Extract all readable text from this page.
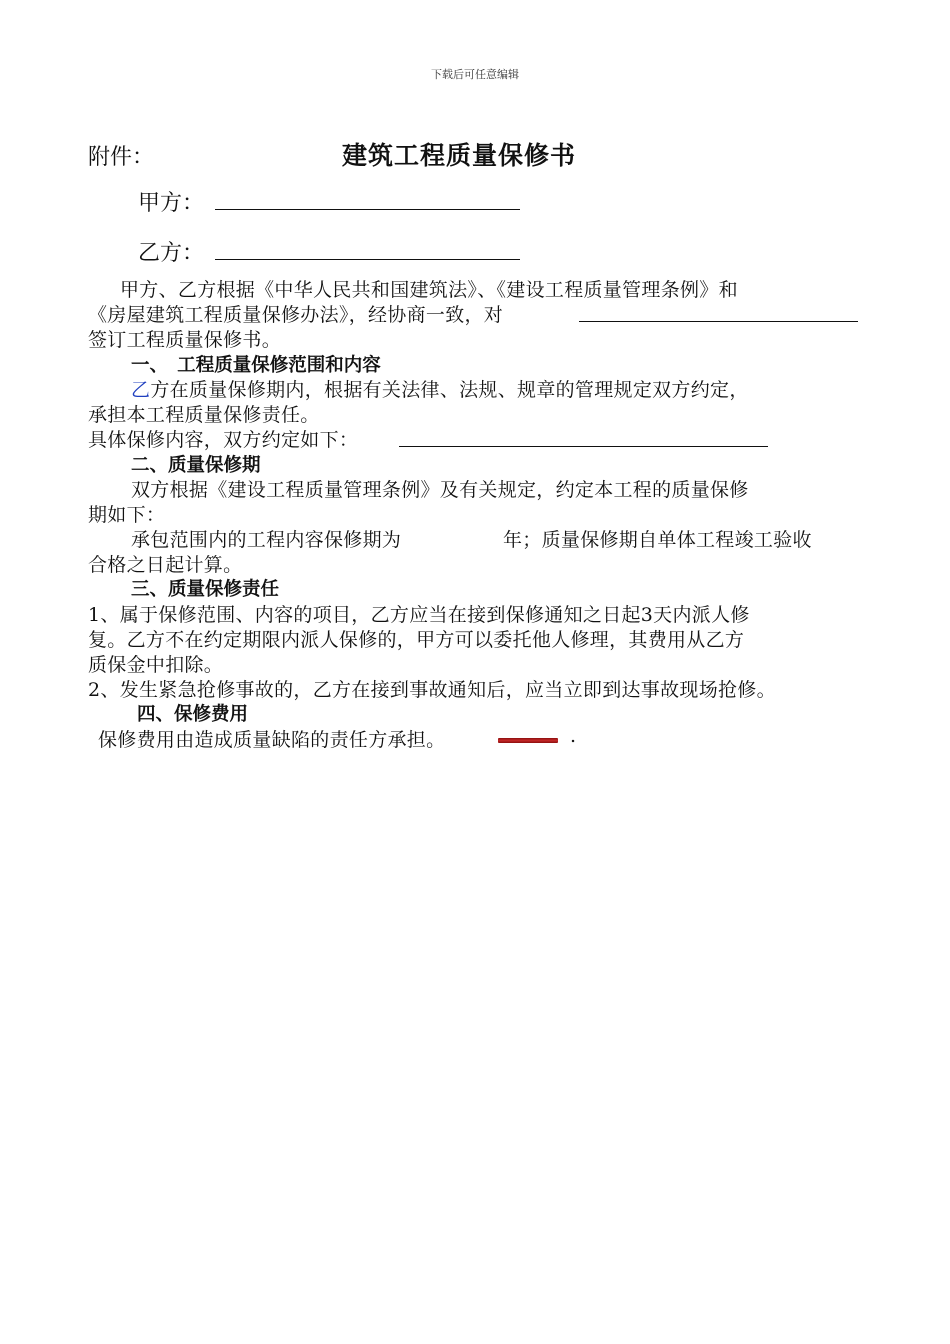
下载后可任意编辑
附件：	建筑工程质量保修书
甲方：
乙方：
甲方、乙方根据《中华人民共和国建筑法》、《建设工程质量管理条例》和
《房屋建筑工程质量保修办法》，经协商一致，对
签订工程质量保修书。
一、　工程质量保修范围和内容
乙方在质量保修期内，根据有关法律、法规、规章的管理规定双方约定，
承担本工程质量保修责任。
具体保修内容，双方约定如下：
二、质量保修期
双方根据《建设工程质量管理条例》及有关规定，约定本工程的质量保修
期如下：
承包范围内的工程内容保修期为	年；质量保修期自单体工程竣工验收
合格之日起计算。
三、质量保修责任
1、属于保修范围、内容的项目，乙方应当在接到保修通知之日起3天内派人修
复。乙方不在约定期限内派人保修的，甲方可以委托他人修理，其费用从乙方
质保金中扣除。
2、发生紧急抢修事故的，乙方在接到事故通知后，应当立即到达事故现场抢修。
四、保修费用
保修费用由造成质量缺陷的责任方承担。	.
